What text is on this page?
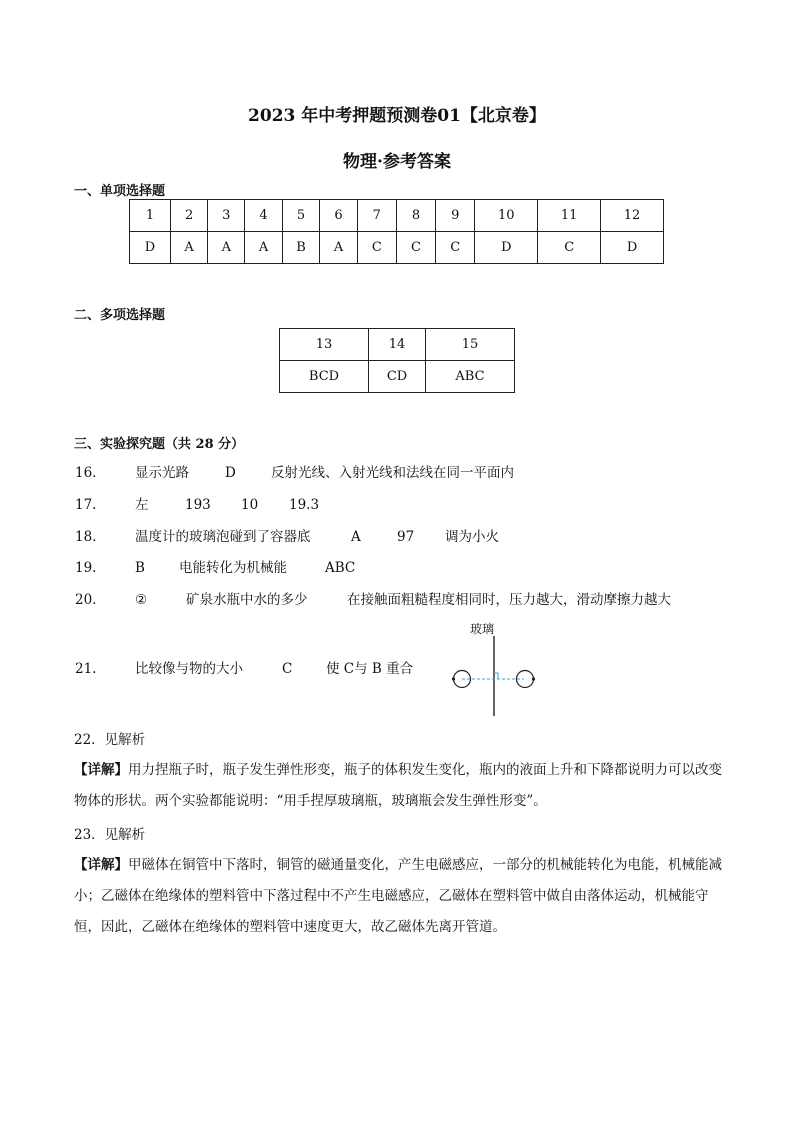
2023 年中考押题预测卷01【北京卷】
物理·参考答案
一、单项选择题
1	2	3	4	5	6	7	8	9	10	11	12
D	A	A	A	B	A	C	C	C	D	C	D
二、多项选择题
13	14	15
BCD	CD	ABC
三、实验探究题（共 28 分）
16.	显示光路	D	反射光线、入射光线和法线在同一平面内
17.	左	193 10 19.3
18.	温度计的玻璃泡碰到了容器底	A	97 调为小火
19.	B	电能转化为机械能	ABC
20.	②	矿泉水瓶中水的多少	在接触面粗糙程度相同时，压力越大，滑动摩擦力越大
21.	比较像与物的大小	C 使 C与 B 重合
玻璃
22．见解析
【详解】用力捏瓶子时，瓶子发生弹性形变，瓶子的体积发生变化，瓶内的液面上升和下降都说明力可以改变物体的形状。两个实验都能说明：“用手捏厚玻璃瓶，玻璃瓶会发生弹性形变”。
23．见解析
【详解】甲磁体在铜管中下落时，铜管的磁通量变化，产生电磁感应，一部分的机械能转化为电能，机械能减小；乙磁体在绝缘体的塑料管中下落过程中不产生电磁感应，乙磁体在塑料管中做自由落体运动，机械能守恒，因此，乙磁体在绝缘体的塑料管中速度更大，故乙磁体先离开管道。
